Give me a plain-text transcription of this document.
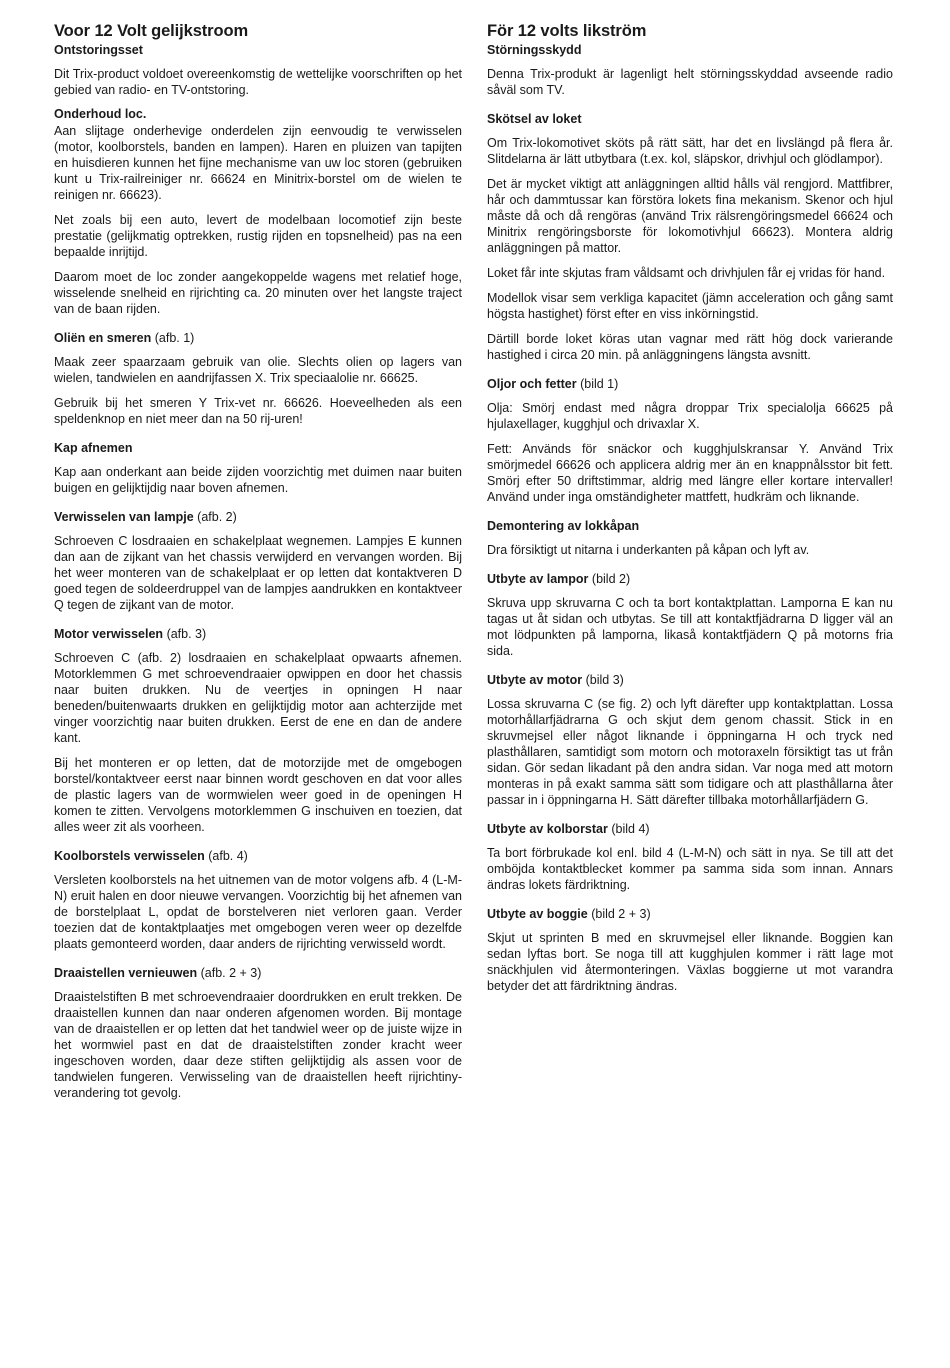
Voor 12 Volt gelijkstroom
Ontstoringsset

Dit Trix-product voldoet overeenkomstig de wettelijke voorschriften op het gebied van radio- en TV-ontstoring.

Onderhoud loc.

Aan slijtage onderhevige onderdelen zijn eenvoudig te verwisselen (motor, koolborstels, banden en lampen). Haren en pluizen van tapijten en huisdieren kunnen het fijne mechanisme van uw loc storen (gebruiken kunt u Trix-railreiniger nr. 66624 en Minitrix-borstel om de wielen te reinigen nr. 66623).

Net zoals bij een auto, levert de modelbaan locomotief zijn beste prestatie (gelijkmatig optrekken, rustig rijden en topsnelheid) pas na een bepaalde inrijtijd.

Daarom moet de loc zonder aangekoppelde wagens met relatief hoge, wisselende snelheid en rijrichting ca. 20 minuten over het langste traject van de baan rijden.

Oliën en smeren (afb. 1)

Maak zeer spaarzaam gebruik van olie. Slechts olien op lagers van wielen, tandwielen en aandrijfassen X. Trix speciaalolie nr. 66625.

Gebruik bij het smeren Y Trix-vet nr. 66626. Hoeveelheden als een speldenknop en niet meer dan na 50 rij-uren!

Kap afnemen

Kap aan onderkant aan beide zijden voorzichtig met duimen naar buiten buigen en gelijktijdig naar boven afnemen.

Verwisselen van lampje (afb. 2)

Schroeven C losdraaien en schakelplaat wegnemen. Lampjes E kunnen dan aan de zijkant van het chassis verwijderd en vervangen worden. Bij het weer monteren van de schakelplaat er op letten dat kontaktveren D goed tegen de soldeerdruppel van de lampjes aandrukken en kontaktveer Q tegen de zijkant van de motor.

Motor verwisselen (afb. 3)

Schroeven C (afb. 2) losdraaien en schakelplaat opwaarts afnemen. Motorklemmen G met schroevendraaier opwippen en door het chassis naar buiten drukken. Nu de veertjes in opningen H naar beneden/buitenwaarts drukken en gelijktijdig motor aan achterzijde met vinger voorzichtig naar buiten drukken. Eerst de ene en dan de andere kant.

Bij het monteren er op letten, dat de motorzijde met de omgebogen borstel/kontaktveer eerst naar binnen wordt geschoven en dat voor alles de plastic lagers van de wormwielen weer goed in de openingen H komen te zitten. Vervolgens motorklemmen G inschuiven en toezien, dat alles weer zit als voorheen.

Koolborstels verwisselen (afb. 4)

Versleten koolborstels na het uitnemen van de motor volgens afb. 4 (L-M-N) eruit halen en door nieuwe vervangen. Voorzichtig bij het afnemen van de borstelplaat L, opdat de borstelveren niet verloren gaan. Verder toezien dat de kontaktplaatjes met omgebogen veren weer op dezelfde plaats gemonteerd worden, daar anders de rijrichting verwisseld wordt.

Draaistellen vernieuwen (afb. 2 + 3)

Draaistelstiften B met schroevendraaier doordrukken en erult trekken. De draaistellen kunnen dan naar onderen afgenomen worden. Bij montage van de draaistellen er op letten dat het tandwiel weer op de juiste wijze in het wormwiel past en dat de draaistelstiften zonder kracht weer ingeschoven worden, daar deze stiften gelijktijdig als assen voor de tandwielen fungeren. Verwisseling van de draaistellen heeft rijrichtiny-verandering tot gevolg.

För 12 volts likström
Störningsskydd

Denna Trix-produkt är lagenligt helt störningsskyddad avseende radio såväl som TV.

Skötsel av loket

Om Trix-lokomotivet sköts på rätt sätt, har det en livslängd på flera år. Slitdelarna är lätt utbytbara (t.ex. kol, släpskor, drivhjul och glödlampor).

Det är mycket viktigt att anläggningen alltid hålls väl rengjord. Mattfibrer, hår och dammtussar kan förstöra lokets fina mekanism. Skenor och hjul måste då och då rengöras (använd Trix rälsrengöringsmedel 66624 och Minitrix rengöringsborste för lokomotivhjul 66623). Montera aldrig anläggningen på mattor.

Loket får inte skjutas fram våldsamt och drivhjulen får ej vridas för hand.

Modellok visar sem verkliga kapacitet (jämn acceleration och gång samt högsta hastighet) först efter en viss inkörningstid.

Därtill borde loket köras utan vagnar med rätt hög dock varierande hastighed i circa 20 min. på anläggningens längsta avsnitt.

Oljor och fetter (bild 1)

Olja: Smörj endast med några droppar Trix specialolja 66625 på hjulaxellager, kugghjul och drivaxlar X.

Fett: Används för snäckor och kugghjulskransar Y. Använd Trix smörjmedel 66626 och applicera aldrig mer än en knappnålsstor bit fett. Smörj efter 50 driftstimmar, aldrig med längre eller kortare intervaller! Använd under inga omständigheter mattfett, hudkräm och liknande.

Demontering av lokkåpan

Dra försiktigt ut nitarna i underkanten på kåpan och lyft av.

Utbyte av lampor (bild 2)

Skruva upp skruvarna C och ta bort kontaktplattan. Lamporna E kan nu tagas ut åt sidan och utbytas. Se till att kontaktfjädrarna D ligger väl an mot lödpunkten på lamporna, likaså kontaktfjädern Q på motorns fria sida.

Utbyte av motor (bild 3)

Lossa skruvarna C (se fig. 2) och lyft därefter upp kontaktplattan. Lossa motorhållarfjädrarna G och skjut dem genom chassit. Stick in en skruvmejsel eller något liknande i öppningarna H och tryck ned plasthållaren, samtidigt som motorn och motoraxeln försiktigt tas ut från sidan. Gör sedan likadant på den andra sidan. Var noga med att motorn monteras in på exakt samma sätt som tidigare och att plasthållarna åter passar in i öppningarna H. Sätt därefter tillbaka motorhållarfjädern G.

Utbyte av kolborstar (bild 4)

Ta bort förbrukade kol enl. bild 4 (L-M-N) och sätt in nya. Se till att det omböjda kontaktblecket kommer pa samma sida som innan. Annars ändras lokets färdriktning.

Utbyte av boggie (bild 2 + 3)

Skjut ut sprinten B med en skruvmejsel eller liknande. Boggien kan sedan lyftas bort. Se noga till att kugghjulen kommer i rätt lage mot snäckhjulen vid återmonteringen. Växlas boggierne ut mot varandra betyder det att färdriktning ändras.
